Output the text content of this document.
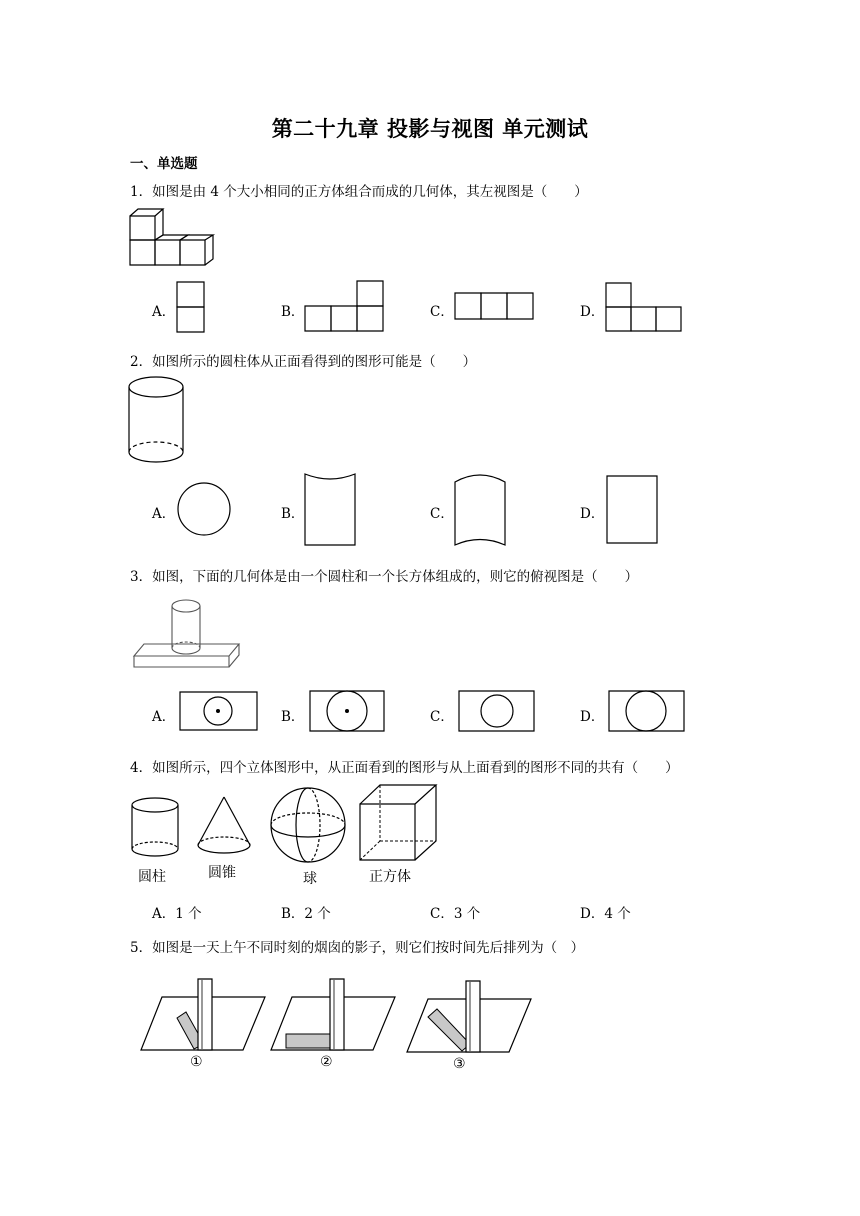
第二十九章 投影与视图 单元测试
一、单选题
1．如图是由 4 个大小相同的正方体组合而成的几何体，其左视图是（　　）
A．	B．	C．	D．
2．如图所示的圆柱体从正面看得到的图形可能是（　　）
A．	B．	C．	D．
3．如图，下面的几何体是由一个圆柱和一个长方体组成的，则它的俯视图是（　　）
A．	B．	C．	D．
4．如图所示，四个立体图形中，从正面看到的图形与从上面看到的图形不同的共有（　　）
圆柱	圆锥	球	正方体
A．1 个	B．2 个	C．3 个	D．4 个
5．如图是一天上午不同时刻的烟囱的影子，则它们按时间先后排列为（　）
①	②	③
